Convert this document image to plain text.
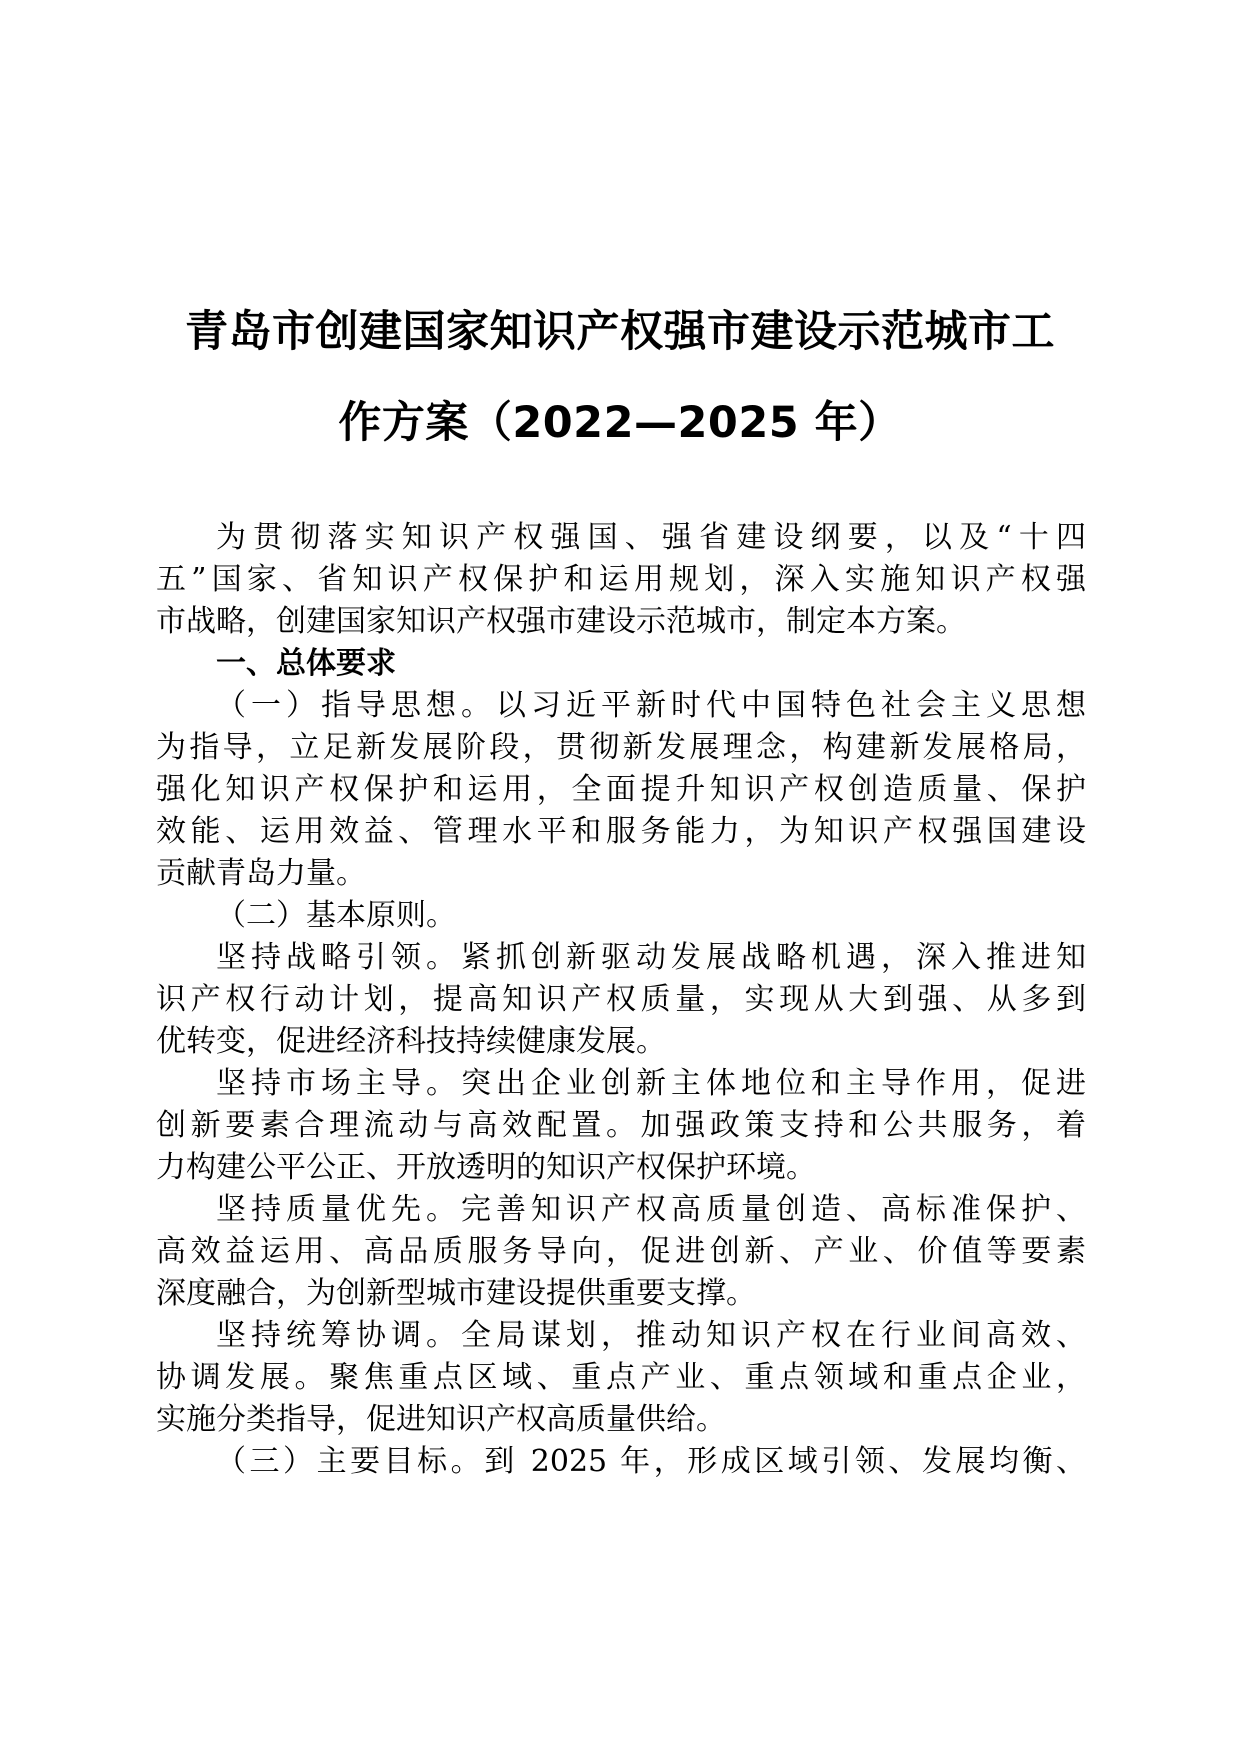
青岛市创建国家知识产权强市建设示范城市工
作方案（2022—2025 年）
为贯彻落实知识产权强国、强省建设纲要，以及“十四
五”国家、省知识产权保护和运用规划，深入实施知识产权强
市战略，创建国家知识产权强市建设示范城市，制定本方案。
一、总体要求
（一）指导思想。以习近平新时代中国特色社会主义思想
为指导，立足新发展阶段，贯彻新发展理念，构建新发展格局，
强化知识产权保护和运用，全面提升知识产权创造质量、保护
效能、运用效益、管理水平和服务能力，为知识产权强国建设
贡献青岛力量。
（二）基本原则。
坚持战略引领。紧抓创新驱动发展战略机遇，深入推进知
识产权行动计划，提高知识产权质量，实现从大到强、从多到
优转变，促进经济科技持续健康发展。
坚持市场主导。突出企业创新主体地位和主导作用，促进
创新要素合理流动与高效配置。加强政策支持和公共服务，着
力构建公平公正、开放透明的知识产权保护环境。
坚持质量优先。完善知识产权高质量创造、高标准保护、
高效益运用、高品质服务导向，促进创新、产业、价值等要素
深度融合，为创新型城市建设提供重要支撑。
坚持统筹协调。全局谋划，推动知识产权在行业间高效、
协调发展。聚焦重点区域、重点产业、重点领域和重点企业，
实施分类指导，促进知识产权高质量供给。
（三）主要目标。到 2025 年，形成区域引领、发展均衡、
